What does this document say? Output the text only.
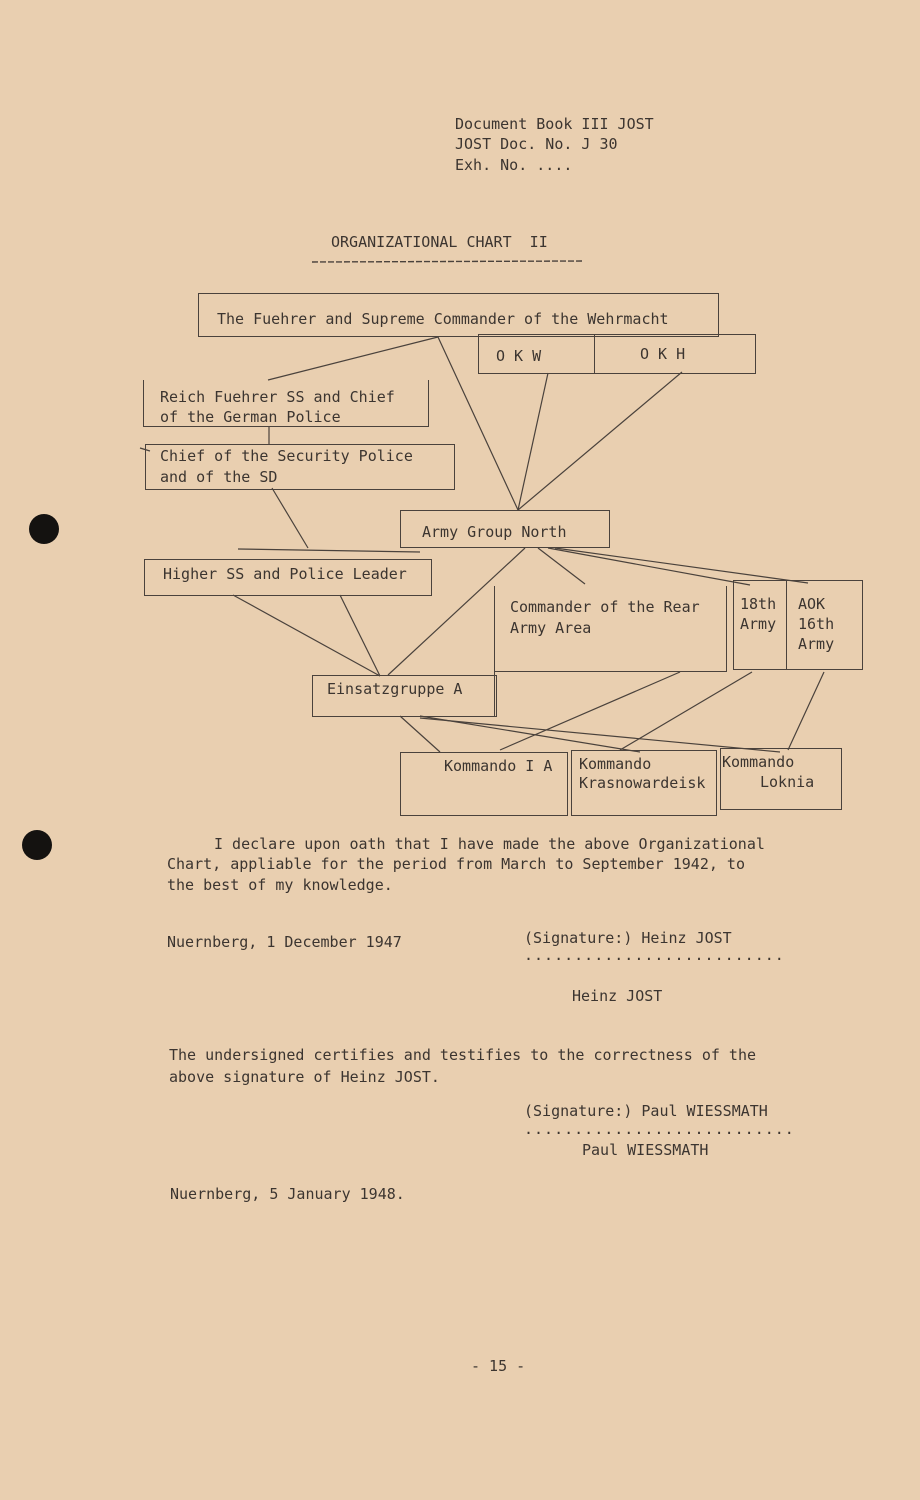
Document Book III JOST
JOST Doc. No. J 30
Exh. No. ....
ORGANIZATIONAL CHART  II
The Fuehrer and Supreme Commander of the Wehrmacht
O K W	O K H
Reich Fuehrer SS and Chief
of the German Police
Chief of the Security Police
and of the SD
Army Group North
Higher SS and Police Leader
Commander of the Rear
Army Area
18th
Army
AOK
16th
Army
Einsatzgruppe A
Kommando I A Kommando
Krasnowardeisk
Kommando
Loknia
I declare upon oath that I have made the above Organizational
Chart, appliable for the period from March to September 1942, to
the best of my knowledge.
Nuernberg, 1 December 1947	(Signature:) Heinz JOST
..........................
Heinz JOST
The undersigned certifies and testifies to the correctness of the
above signature of Heinz JOST.
(Signature:) Paul WIESSMATH
...........................
Paul WIESSMATH
Nuernberg, 5 January 1948.
- 15 -
